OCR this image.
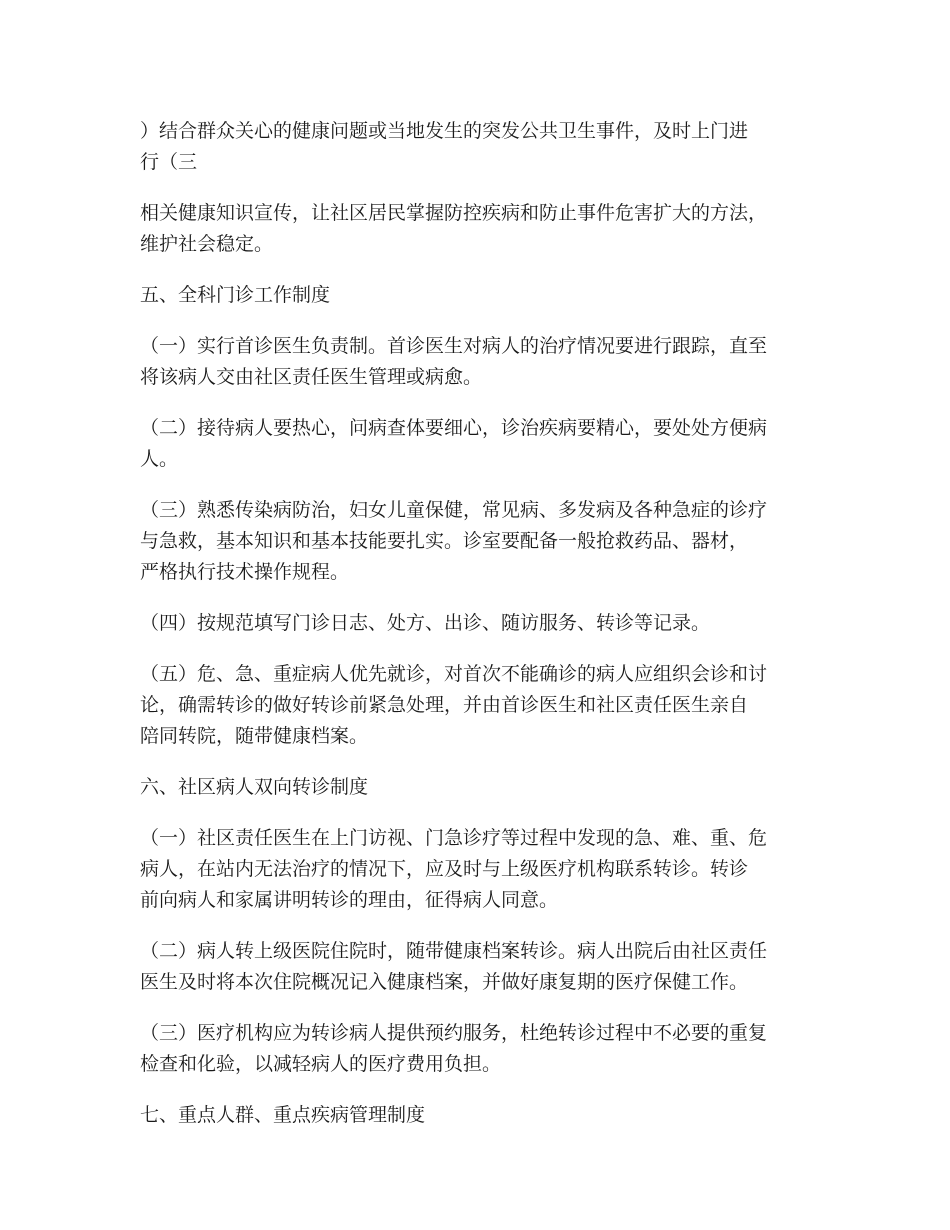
）结合群众关心的健康问题或当地发生的突发公共卫生事件，及时上门进
行（三
相关健康知识宣传，让社区居民掌握防控疾病和防止事件危害扩大的方法，
维护社会稳定。
五、全科门诊工作制度
（一）实行首诊医生负责制。首诊医生对病人的治疗情况要进行跟踪，直至
将该病人交由社区责任医生管理或病愈。
（二）接待病人要热心，问病查体要细心，诊治疾病要精心，要处处方便病
人。
（三）熟悉传染病防治，妇女儿童保健，常见病、多发病及各种急症的诊疗
与急救，基本知识和基本技能要扎实。诊室要配备一般抢救药品、器材，
严格执行技术操作规程。
（四）按规范填写门诊日志、处方、出诊、随访服务、转诊等记录。
（五）危、急、重症病人优先就诊，对首次不能确诊的病人应组织会诊和讨
论，确需转诊的做好转诊前紧急处理，并由首诊医生和社区责任医生亲自
陪同转院，随带健康档案。
六、社区病人双向转诊制度
（一）社区责任医生在上门访视、门急诊疗等过程中发现的急、难、重、危
病人，在站内无法治疗的情况下，应及时与上级医疗机构联系转诊。转诊
前向病人和家属讲明转诊的理由，征得病人同意。
（二）病人转上级医院住院时，随带健康档案转诊。病人出院后由社区责任
医生及时将本次住院概况记入健康档案，并做好康复期的医疗保健工作。
（三）医疗机构应为转诊病人提供预约服务，杜绝转诊过程中不必要的重复
检查和化验，以减轻病人的医疗费用负担。
七、重点人群、重点疾病管理制度
